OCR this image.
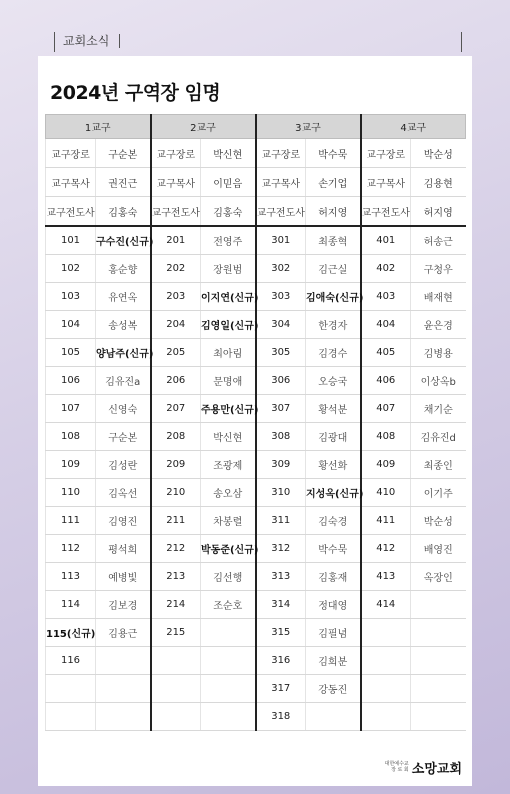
교회소식
2024년 구역장 임명
1교구		2교구		3교구		4교구	
교구장로	구순본	교구장로	박신현	교구장로	박수묵	교구장로	박순성
교구목사	권진근	교구목사	이믿음	교구목사	손기업	교구목사	김용현
교구전도사	김홍숙	교구전도사	김홍숙	교구전도사	허지영	교구전도사	허지영
101	구수진(신규)	201	전영주	301	최종혁	401	허송근
102	홍순향	202	장원범	302	김근실	402	구청우
103	유연옥	203	이지연(신규)	303	김애숙(신규)	403	배재현
104	송성복	204	김영일(신규)	304	한경자	404	윤은경
105	양남주(신규)	205	최아림	305	김경수	405	김병용
106	김유진a	206	문명애	306	오승국	406	이상옥b
107	신영숙	207	주용만(신규)	307	황석분	407	채기순
108	구순본	208	박신현	308	김광대	408	김유진d
109	김성란	209	조광제	309	황선화	409	최종인
110	김옥선	210	송오삼	310	지성옥(신규)	410	이기주
111	김영진	211	차봉렬	311	김숙경	411	박순성
112	평석희	212	박동준(신규)	312	박수묵	412	배영진
113	예병빛	213	김선행	313	김홍재	413	옥장인
114	김보경	214	조순호	314	정대영	414	
115(신규)	김용근	215		315	김필념		
116				316	김희분		
				317	강동진		
				318			
대한예수교
장 로 회 소망교회
